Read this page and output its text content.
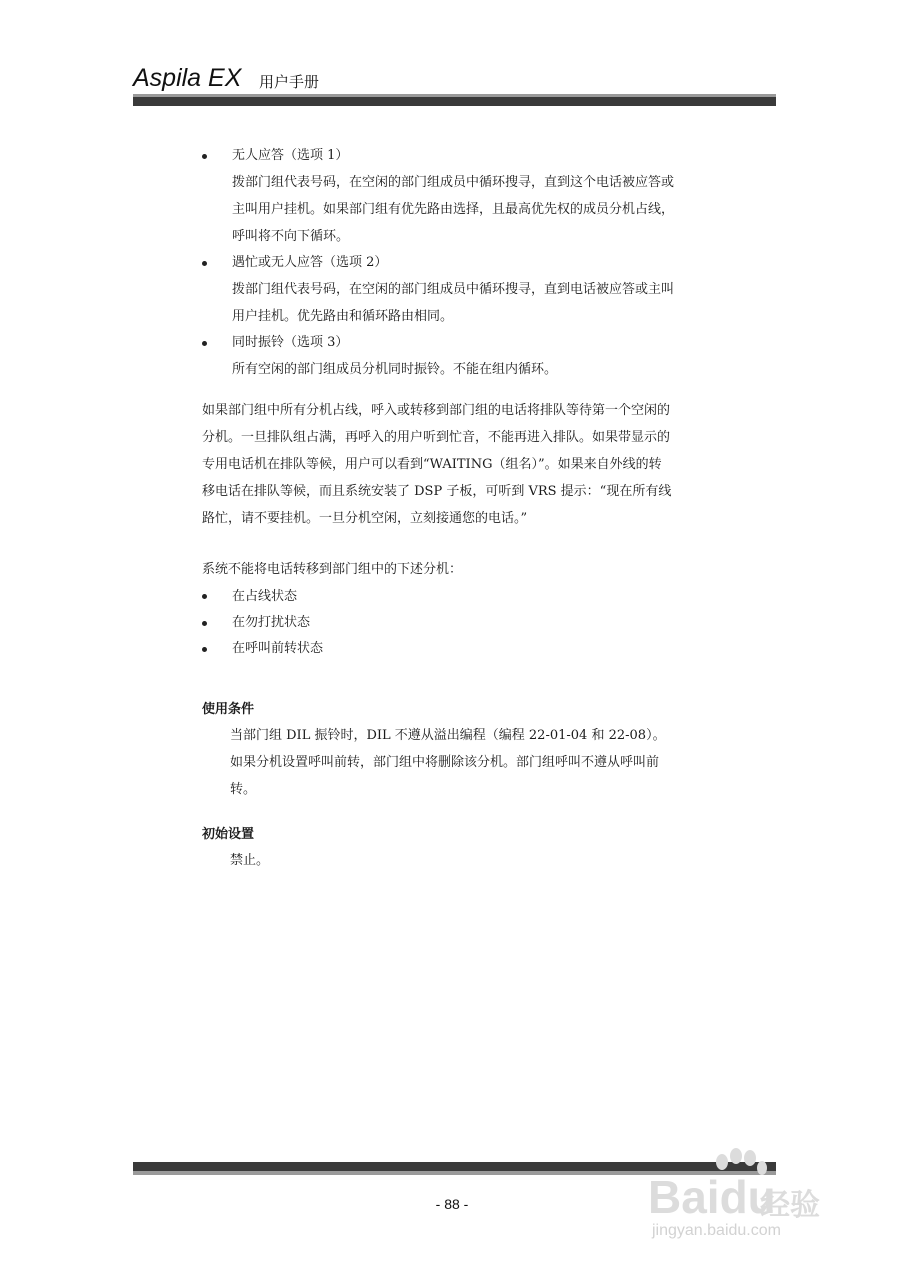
Aspila EX 用户手册
无人应答（选项 1）
拨部门组代表号码，在空闲的部门组成员中循环搜寻，直到这个电话被应答或
主叫用户挂机。如果部门组有优先路由选择，且最高优先权的成员分机占线，
呼叫将不向下循环。
遇忙或无人应答（选项 2）
拨部门组代表号码，在空闲的部门组成员中循环搜寻，直到电话被应答或主叫
用户挂机。优先路由和循环路由相同。
同时振铃（选项 3）
所有空闲的部门组成员分机同时振铃。不能在组内循环。
如果部门组中所有分机占线，呼入或转移到部门组的电话将排队等待第一个空闲的
分机。一旦排队组占满，再呼入的用户听到忙音，不能再进入排队。如果带显示的
专用电话机在排队等候，用户可以看到“WAITING（组名）”。如果来自外线的转
移电话在排队等候，而且系统安装了 DSP 子板，可听到 VRS 提示：“现在所有线
路忙，请不要挂机。一旦分机空闲，立刻接通您的电话。”
系统不能将电话转移到部门组中的下述分机：
在占线状态
在勿打扰状态
在呼叫前转状态
使用条件
当部门组 DIL 振铃时，DIL 不遵从溢出编程（编程 22-01-04 和 22-08）。
如果分机设置呼叫前转，部门组中将删除该分机。部门组呼叫不遵从呼叫前
转。
初始设置
禁止。
- 88 -	Baidu
经验
jingyan.baidu.com
